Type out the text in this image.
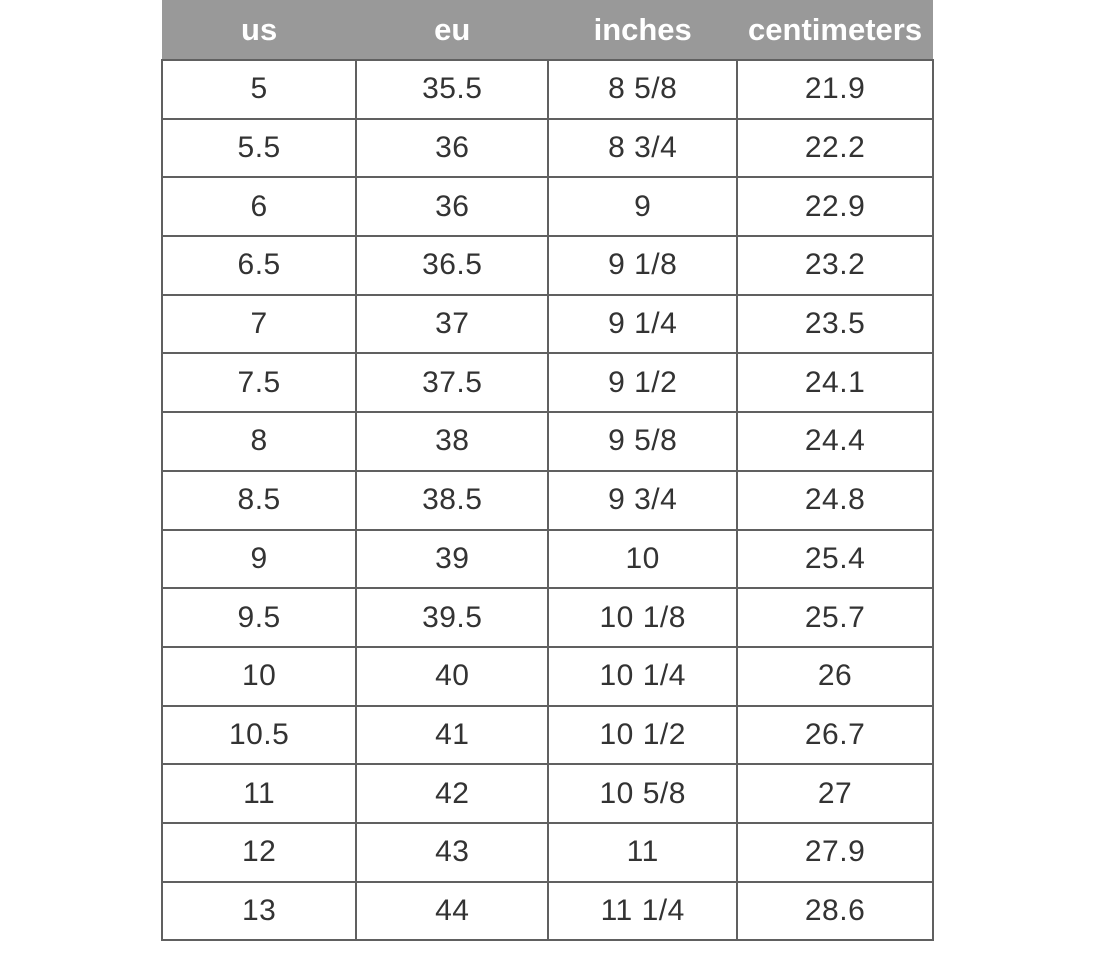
us	eu	inches	centimeters
5	35.5	8 5/8	21.9
5.5	36	8 3/4	22.2
6	36	9	22.9
6.5	36.5	9 1/8	23.2
7	37	9 1/4	23.5
7.5	37.5	9 1/2	24.1
8	38	9 5/8	24.4
8.5	38.5	9 3/4	24.8
9	39	10	25.4
9.5	39.5	10 1/8	25.7
10	40	10 1/4	26
10.5	41	10 1/2	26.7
11	42	10 5/8	27
12	43	11	27.9
13	44	11 1/4	28.6
